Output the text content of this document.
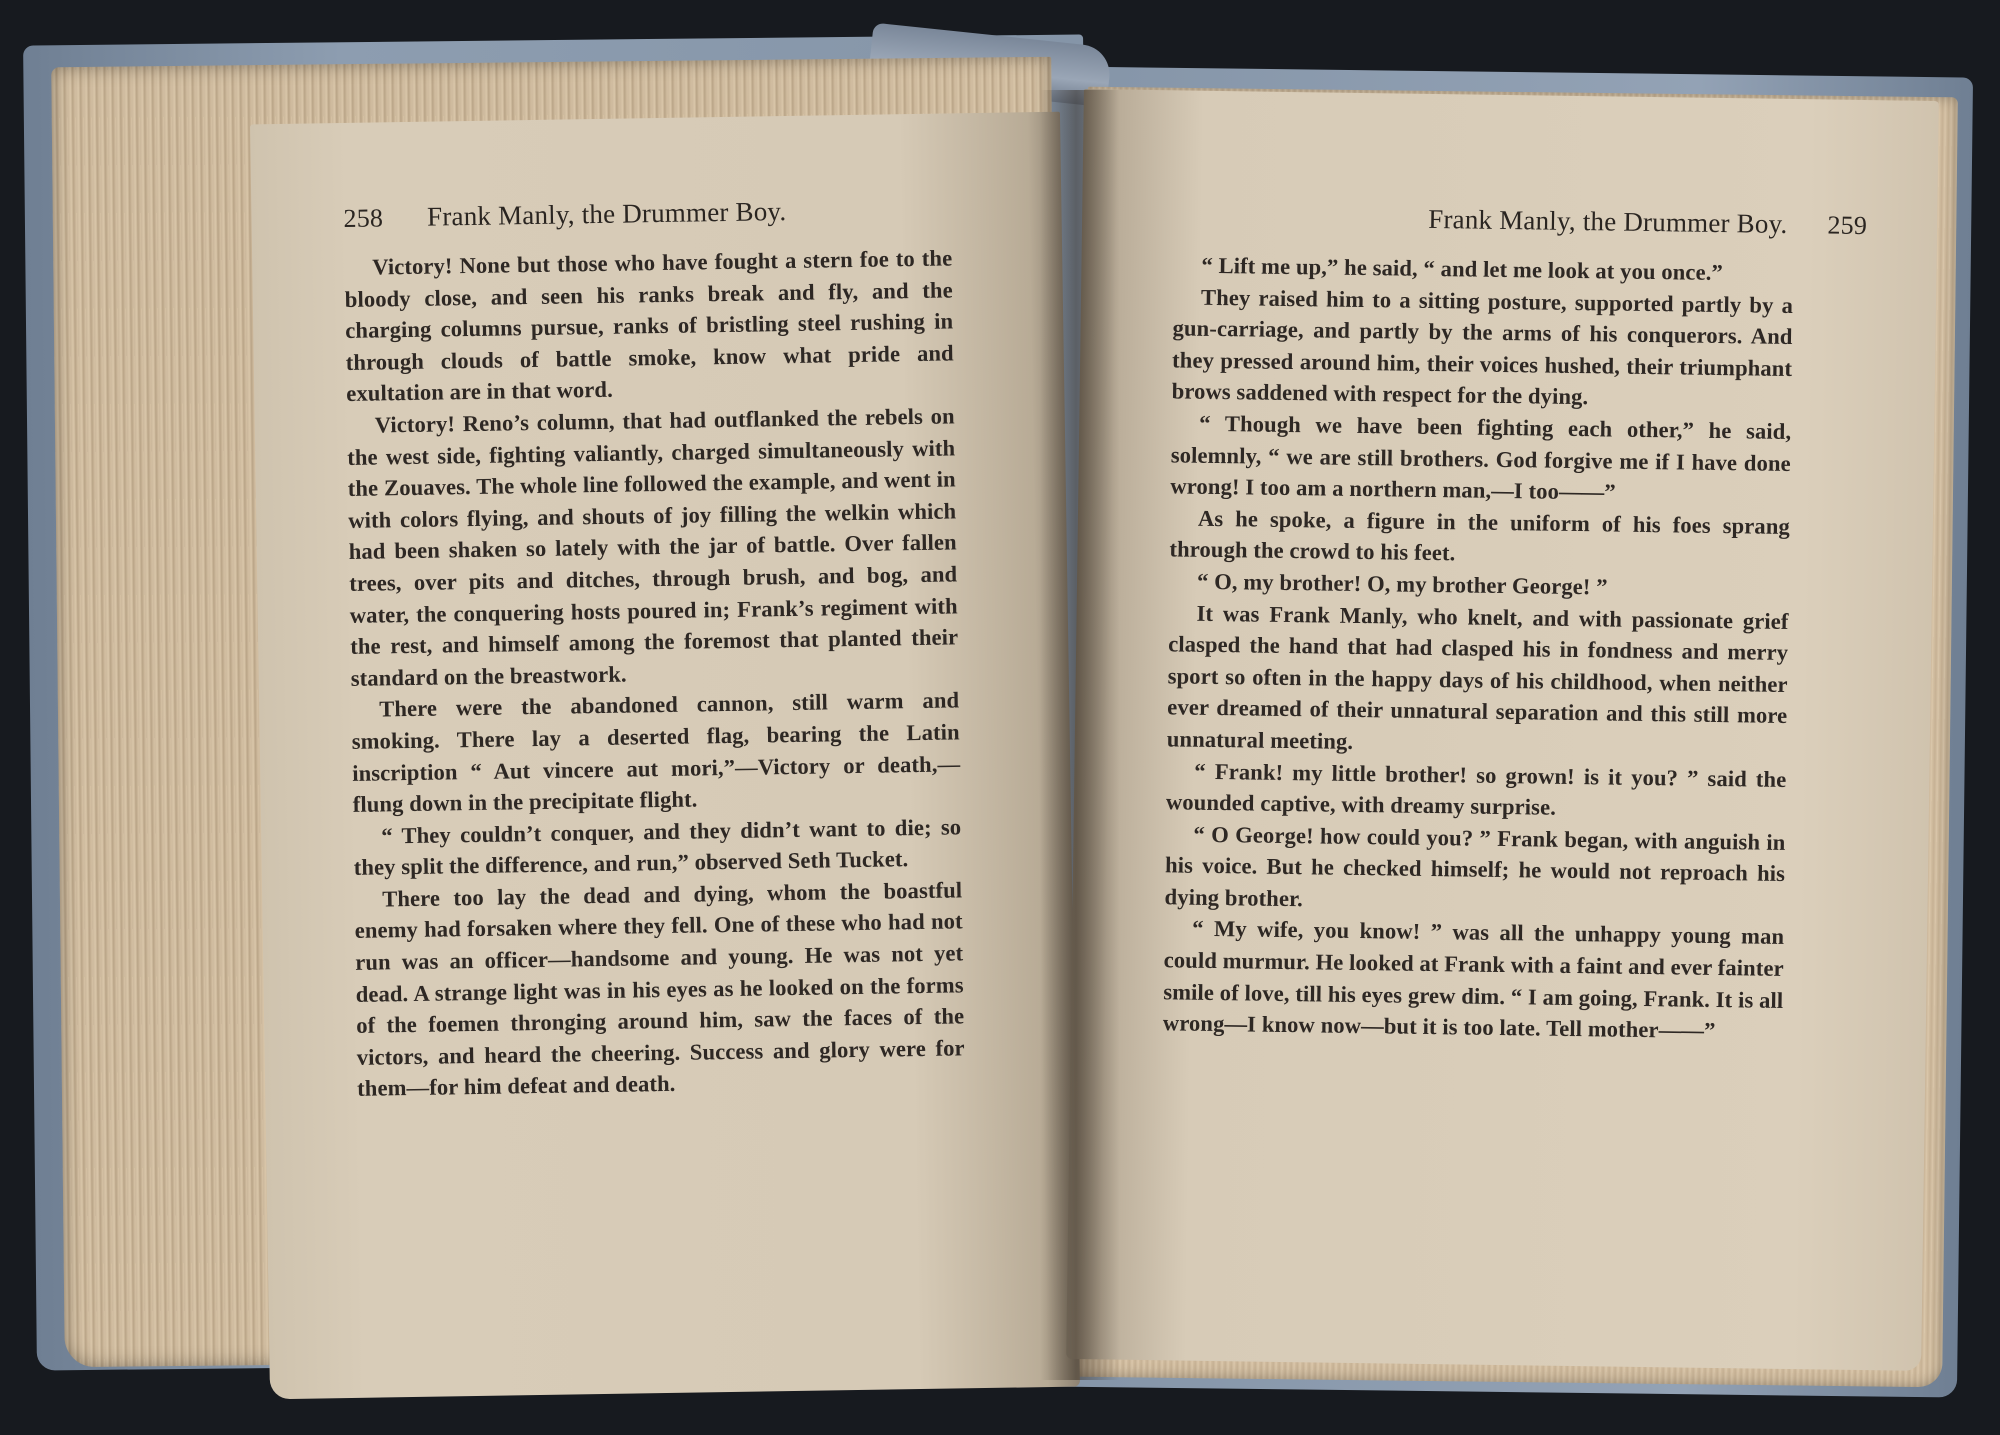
258 Frank Manly, the Drummer Boy.

Victory! None but those who have fought a stern foe to the bloody close, and seen his ranks break and fly, and the charging columns pursue, ranks of bristling steel rushing in through clouds of battle smoke, know what pride and exultation are in that word.

Victory! Reno’s column, that had outflanked the rebels on the west side, fighting valiantly, charged simultaneously with the Zouaves. The whole line followed the example, and went in with colors flying, and shouts of joy filling the welkin which had been shaken so lately with the jar of battle. Over fallen trees, over pits and ditches, through brush, and bog, and water, the conquering hosts poured in; Frank’s regiment with the rest, and himself among the foremost that planted their standard on the breastwork.

There were the abandoned cannon, still warm and smoking. There lay a deserted flag, bearing the Latin inscription “ Aut vincere aut mori,”—Victory or death,—flung down in the precipitate flight.

“ They couldn’t conquer, and they didn’t want to die; so they split the difference, and run,” observed Seth Tucket.

There too lay the dead and dying, whom the boastful enemy had forsaken where they fell. One of these who had not run was an officer—handsome and young. He was not yet dead. A strange light was in his eyes as he looked on the forms of the foemen thronging around him, saw the faces of the victors, and heard the cheering. Success and glory were for them—for him defeat and death.

Frank Manly, the Drummer Boy. 259

“ Lift me up,” he said, “ and let me look at you once.”

They raised him to a sitting posture, supported partly by a gun-carriage, and partly by the arms of his conquerors. And they pressed around him, their voices hushed, their triumphant brows saddened with respect for the dying.

“ Though we have been fighting each other,” he said, solemnly, “ we are still brothers. God forgive me if I have done wrong! I too am a northern man,—I too——”

As he spoke, a figure in the uniform of his foes sprang through the crowd to his feet.

“ O, my brother! O, my brother George! ”

It was Frank Manly, who knelt, and with passionate grief clasped the hand that had clasped his in fondness and merry sport so often in the happy days of his childhood, when neither ever dreamed of their unnatural separation and this still more unnatural meeting.

“ Frank! my little brother! so grown! is it you? ” said the wounded captive, with dreamy surprise.

“ O George! how could you? ” Frank began, with anguish in his voice. But he checked himself; he would not reproach his dying brother.

“ My wife, you know! ” was all the unhappy young man could murmur. He looked at Frank with a faint and ever fainter smile of love, till his eyes grew dim. “ I am going, Frank. It is all wrong—I know now—but it is too late. Tell mother——”
